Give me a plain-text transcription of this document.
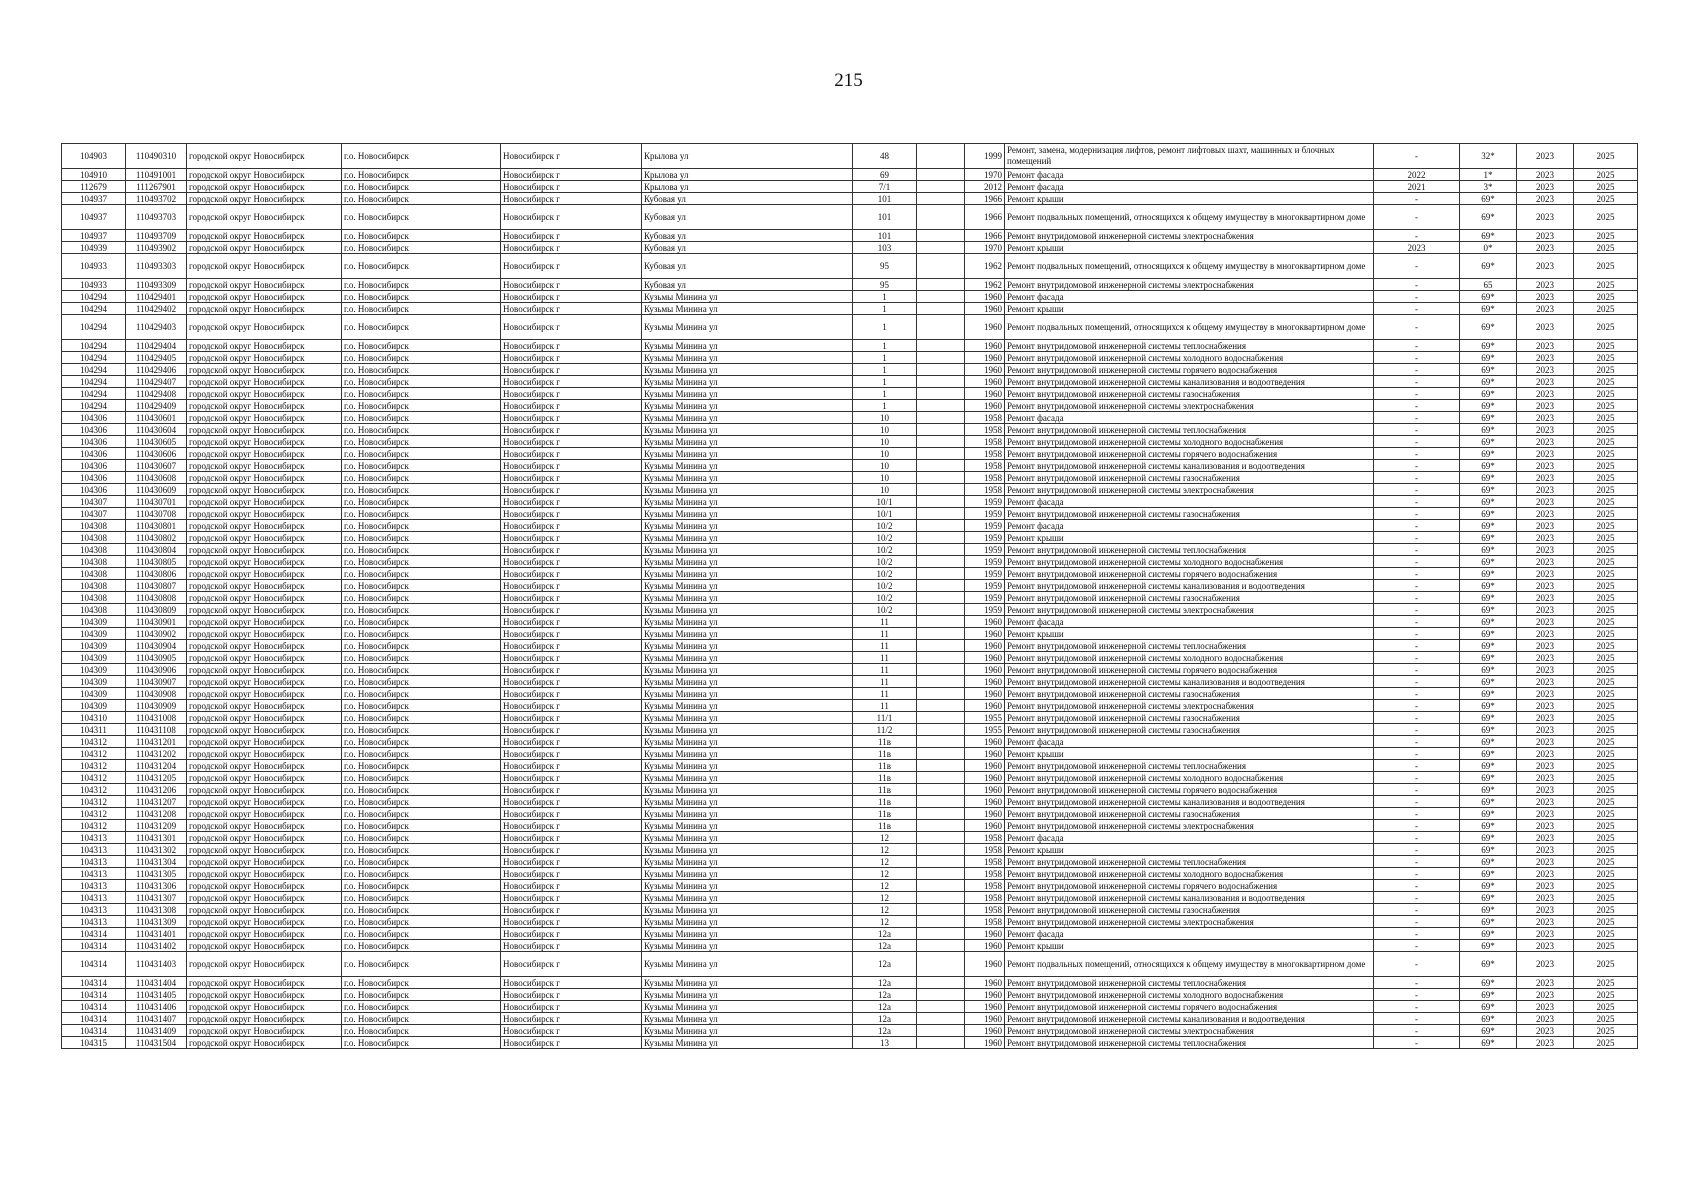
215
104903	110490310	городской округ Новосибирск	г.о. Новосибирск	Новосибирск г	Крылова ул	48		1999	Ремонт, замена, модернизация лифтов, ремонт лифтовых шахт, машинных и блочных помещений	-	32*	2023	2025
104910	110491001	городской округ Новосибирск	г.о. Новосибирск	Новосибирск г	Крылова ул	69		1970	Ремонт фасада	2022	1*	2023	2025
112679	111267901	городской округ Новосибирск	г.о. Новосибирск	Новосибирск г	Крылова ул	7/1		2012	Ремонт фасада	2021	3*	2023	2025
104937	110493702	городской округ Новосибирск	г.о. Новосибирск	Новосибирск г	Кубовая ул	101		1966	Ремонт крыши	-	69*	2023	2025
104937	110493703	городской округ Новосибирск	г.о. Новосибирск	Новосибирск г	Кубовая ул	101		1966	Ремонт подвальных помещений, относящихся к общему имуществу в многоквартирном доме	-	69*	2023	2025
104937	110493709	городской округ Новосибирск	г.о. Новосибирск	Новосибирск г	Кубовая ул	101		1966	Ремонт внутридомовой инженерной системы электроснабжения	-	69*	2023	2025
104939	110493902	городской округ Новосибирск	г.о. Новосибирск	Новосибирск г	Кубовая ул	103		1970	Ремонт крыши	2023	0*	2023	2025
104933	110493303	городской округ Новосибирск	г.о. Новосибирск	Новосибирск г	Кубовая ул	95		1962	Ремонт подвальных помещений, относящихся к общему имуществу в многоквартирном доме	-	69*	2023	2025
104933	110493309	городской округ Новосибирск	г.о. Новосибирск	Новосибирск г	Кубовая ул	95		1962	Ремонт внутридомовой инженерной системы электроснабжения	-	65	2023	2025
104294	110429401	городской округ Новосибирск	г.о. Новосибирск	Новосибирск г	Кузьмы Минина ул	1		1960	Ремонт фасада	-	69*	2023	2025
104294	110429402	городской округ Новосибирск	г.о. Новосибирск	Новосибирск г	Кузьмы Минина ул	1		1960	Ремонт крыши	-	69*	2023	2025
104294	110429403	городской округ Новосибирск	г.о. Новосибирск	Новосибирск г	Кузьмы Минина ул	1		1960	Ремонт подвальных помещений, относящихся к общему имуществу в многоквартирном доме	-	69*	2023	2025
104294	110429404	городской округ Новосибирск	г.о. Новосибирск	Новосибирск г	Кузьмы Минина ул	1		1960	Ремонт внутридомовой инженерной системы теплоснабжения	-	69*	2023	2025
104294	110429405	городской округ Новосибирск	г.о. Новосибирск	Новосибирск г	Кузьмы Минина ул	1		1960	Ремонт внутридомовой инженерной системы холодного водоснабжения	-	69*	2023	2025
104294	110429406	городской округ Новосибирск	г.о. Новосибирск	Новосибирск г	Кузьмы Минина ул	1		1960	Ремонт внутридомовой инженерной системы горячего водоснабжения	-	69*	2023	2025
104294	110429407	городской округ Новосибирск	г.о. Новосибирск	Новосибирск г	Кузьмы Минина ул	1		1960	Ремонт внутридомовой инженерной системы канализования и водоотведения	-	69*	2023	2025
104294	110429408	городской округ Новосибирск	г.о. Новосибирск	Новосибирск г	Кузьмы Минина ул	1		1960	Ремонт внутридомовой инженерной системы газоснабжения	-	69*	2023	2025
104294	110429409	городской округ Новосибирск	г.о. Новосибирск	Новосибирск г	Кузьмы Минина ул	1		1960	Ремонт внутридомовой инженерной системы электроснабжения	-	69*	2023	2025
104306	110430601	городской округ Новосибирск	г.о. Новосибирск	Новосибирск г	Кузьмы Минина ул	10		1958	Ремонт фасада	-	69*	2023	2025
104306	110430604	городской округ Новосибирск	г.о. Новосибирск	Новосибирск г	Кузьмы Минина ул	10		1958	Ремонт внутридомовой инженерной системы теплоснабжения	-	69*	2023	2025
104306	110430605	городской округ Новосибирск	г.о. Новосибирск	Новосибирск г	Кузьмы Минина ул	10		1958	Ремонт внутридомовой инженерной системы холодного водоснабжения	-	69*	2023	2025
104306	110430606	городской округ Новосибирск	г.о. Новосибирск	Новосибирск г	Кузьмы Минина ул	10		1958	Ремонт внутридомовой инженерной системы горячего водоснабжения	-	69*	2023	2025
104306	110430607	городской округ Новосибирск	г.о. Новосибирск	Новосибирск г	Кузьмы Минина ул	10		1958	Ремонт внутридомовой инженерной системы канализования и водоотведения	-	69*	2023	2025
104306	110430608	городской округ Новосибирск	г.о. Новосибирск	Новосибирск г	Кузьмы Минина ул	10		1958	Ремонт внутридомовой инженерной системы газоснабжения	-	69*	2023	2025
104306	110430609	городской округ Новосибирск	г.о. Новосибирск	Новосибирск г	Кузьмы Минина ул	10		1958	Ремонт внутридомовой инженерной системы электроснабжения	-	69*	2023	2025
104307	110430701	городской округ Новосибирск	г.о. Новосибирск	Новосибирск г	Кузьмы Минина ул	10/1		1959	Ремонт фасада	-	69*	2023	2025
104307	110430708	городской округ Новосибирск	г.о. Новосибирск	Новосибирск г	Кузьмы Минина ул	10/1		1959	Ремонт внутридомовой инженерной системы газоснабжения	-	69*	2023	2025
104308	110430801	городской округ Новосибирск	г.о. Новосибирск	Новосибирск г	Кузьмы Минина ул	10/2		1959	Ремонт фасада	-	69*	2023	2025
104308	110430802	городской округ Новосибирск	г.о. Новосибирск	Новосибирск г	Кузьмы Минина ул	10/2		1959	Ремонт крыши	-	69*	2023	2025
104308	110430804	городской округ Новосибирск	г.о. Новосибирск	Новосибирск г	Кузьмы Минина ул	10/2		1959	Ремонт внутридомовой инженерной системы теплоснабжения	-	69*	2023	2025
104308	110430805	городской округ Новосибирск	г.о. Новосибирск	Новосибирск г	Кузьмы Минина ул	10/2		1959	Ремонт внутридомовой инженерной системы холодного водоснабжения	-	69*	2023	2025
104308	110430806	городской округ Новосибирск	г.о. Новосибирск	Новосибирск г	Кузьмы Минина ул	10/2		1959	Ремонт внутридомовой инженерной системы горячего водоснабжения	-	69*	2023	2025
104308	110430807	городской округ Новосибирск	г.о. Новосибирск	Новосибирск г	Кузьмы Минина ул	10/2		1959	Ремонт внутридомовой инженерной системы канализования и водоотведения	-	69*	2023	2025
104308	110430808	городской округ Новосибирск	г.о. Новосибирск	Новосибирск г	Кузьмы Минина ул	10/2		1959	Ремонт внутридомовой инженерной системы газоснабжения	-	69*	2023	2025
104308	110430809	городской округ Новосибирск	г.о. Новосибирск	Новосибирск г	Кузьмы Минина ул	10/2		1959	Ремонт внутридомовой инженерной системы электроснабжения	-	69*	2023	2025
104309	110430901	городской округ Новосибирск	г.о. Новосибирск	Новосибирск г	Кузьмы Минина ул	11		1960	Ремонт фасада	-	69*	2023	2025
104309	110430902	городской округ Новосибирск	г.о. Новосибирск	Новосибирск г	Кузьмы Минина ул	11		1960	Ремонт крыши	-	69*	2023	2025
104309	110430904	городской округ Новосибирск	г.о. Новосибирск	Новосибирск г	Кузьмы Минина ул	11		1960	Ремонт внутридомовой инженерной системы теплоснабжения	-	69*	2023	2025
104309	110430905	городской округ Новосибирск	г.о. Новосибирск	Новосибирск г	Кузьмы Минина ул	11		1960	Ремонт внутридомовой инженерной системы холодного водоснабжения	-	69*	2023	2025
104309	110430906	городской округ Новосибирск	г.о. Новосибирск	Новосибирск г	Кузьмы Минина ул	11		1960	Ремонт внутридомовой инженерной системы горячего водоснабжения	-	69*	2023	2025
104309	110430907	городской округ Новосибирск	г.о. Новосибирск	Новосибирск г	Кузьмы Минина ул	11		1960	Ремонт внутридомовой инженерной системы канализования и водоотведения	-	69*	2023	2025
104309	110430908	городской округ Новосибирск	г.о. Новосибирск	Новосибирск г	Кузьмы Минина ул	11		1960	Ремонт внутридомовой инженерной системы газоснабжения	-	69*	2023	2025
104309	110430909	городской округ Новосибирск	г.о. Новосибирск	Новосибирск г	Кузьмы Минина ул	11		1960	Ремонт внутридомовой инженерной системы электроснабжения	-	69*	2023	2025
104310	110431008	городской округ Новосибирск	г.о. Новосибирск	Новосибирск г	Кузьмы Минина ул	11/1		1955	Ремонт внутридомовой инженерной системы газоснабжения	-	69*	2023	2025
104311	110431108	городской округ Новосибирск	г.о. Новосибирск	Новосибирск г	Кузьмы Минина ул	11/2		1955	Ремонт внутридомовой инженерной системы газоснабжения	-	69*	2023	2025
104312	110431201	городской округ Новосибирск	г.о. Новосибирск	Новосибирск г	Кузьмы Минина ул	11в		1960	Ремонт фасада	-	69*	2023	2025
104312	110431202	городской округ Новосибирск	г.о. Новосибирск	Новосибирск г	Кузьмы Минина ул	11в		1960	Ремонт крыши	-	69*	2023	2025
104312	110431204	городской округ Новосибирск	г.о. Новосибирск	Новосибирск г	Кузьмы Минина ул	11в		1960	Ремонт внутридомовой инженерной системы теплоснабжения	-	69*	2023	2025
104312	110431205	городской округ Новосибирск	г.о. Новосибирск	Новосибирск г	Кузьмы Минина ул	11в		1960	Ремонт внутридомовой инженерной системы холодного водоснабжения	-	69*	2023	2025
104312	110431206	городской округ Новосибирск	г.о. Новосибирск	Новосибирск г	Кузьмы Минина ул	11в		1960	Ремонт внутридомовой инженерной системы горячего водоснабжения	-	69*	2023	2025
104312	110431207	городской округ Новосибирск	г.о. Новосибирск	Новосибирск г	Кузьмы Минина ул	11в		1960	Ремонт внутридомовой инженерной системы канализования и водоотведения	-	69*	2023	2025
104312	110431208	городской округ Новосибирск	г.о. Новосибирск	Новосибирск г	Кузьмы Минина ул	11в		1960	Ремонт внутридомовой инженерной системы газоснабжения	-	69*	2023	2025
104312	110431209	городской округ Новосибирск	г.о. Новосибирск	Новосибирск г	Кузьмы Минина ул	11в		1960	Ремонт внутридомовой инженерной системы электроснабжения	-	69*	2023	2025
104313	110431301	городской округ Новосибирск	г.о. Новосибирск	Новосибирск г	Кузьмы Минина ул	12		1958	Ремонт фасада	-	69*	2023	2025
104313	110431302	городской округ Новосибирск	г.о. Новосибирск	Новосибирск г	Кузьмы Минина ул	12		1958	Ремонт крыши	-	69*	2023	2025
104313	110431304	городской округ Новосибирск	г.о. Новосибирск	Новосибирск г	Кузьмы Минина ул	12		1958	Ремонт внутридомовой инженерной системы теплоснабжения	-	69*	2023	2025
104313	110431305	городской округ Новосибирск	г.о. Новосибирск	Новосибирск г	Кузьмы Минина ул	12		1958	Ремонт внутридомовой инженерной системы холодного водоснабжения	-	69*	2023	2025
104313	110431306	городской округ Новосибирск	г.о. Новосибирск	Новосибирск г	Кузьмы Минина ул	12		1958	Ремонт внутридомовой инженерной системы горячего водоснабжения	-	69*	2023	2025
104313	110431307	городской округ Новосибирск	г.о. Новосибирск	Новосибирск г	Кузьмы Минина ул	12		1958	Ремонт внутридомовой инженерной системы канализования и водоотведения	-	69*	2023	2025
104313	110431308	городской округ Новосибирск	г.о. Новосибирск	Новосибирск г	Кузьмы Минина ул	12		1958	Ремонт внутридомовой инженерной системы газоснабжения	-	69*	2023	2025
104313	110431309	городской округ Новосибирск	г.о. Новосибирск	Новосибирск г	Кузьмы Минина ул	12		1958	Ремонт внутридомовой инженерной системы электроснабжения	-	69*	2023	2025
104314	110431401	городской округ Новосибирск	г.о. Новосибирск	Новосибирск г	Кузьмы Минина ул	12а		1960	Ремонт фасада	-	69*	2023	2025
104314	110431402	городской округ Новосибирск	г.о. Новосибирск	Новосибирск г	Кузьмы Минина ул	12а		1960	Ремонт крыши	-	69*	2023	2025
104314	110431403	городской округ Новосибирск	г.о. Новосибирск	Новосибирск г	Кузьмы Минина ул	12а		1960	Ремонт подвальных помещений, относящихся к общему имуществу в многоквартирном доме	-	69*	2023	2025
104314	110431404	городской округ Новосибирск	г.о. Новосибирск	Новосибирск г	Кузьмы Минина ул	12а		1960	Ремонт внутридомовой инженерной системы теплоснабжения	-	69*	2023	2025
104314	110431405	городской округ Новосибирск	г.о. Новосибирск	Новосибирск г	Кузьмы Минина ул	12а		1960	Ремонт внутридомовой инженерной системы холодного водоснабжения	-	69*	2023	2025
104314	110431406	городской округ Новосибирск	г.о. Новосибирск	Новосибирск г	Кузьмы Минина ул	12а		1960	Ремонт внутридомовой инженерной системы горячего водоснабжения	-	69*	2023	2025
104314	110431407	городской округ Новосибирск	г.о. Новосибирск	Новосибирск г	Кузьмы Минина ул	12а		1960	Ремонт внутридомовой инженерной системы канализования и водоотведения	-	69*	2023	2025
104314	110431409	городской округ Новосибирск	г.о. Новосибирск	Новосибирск г	Кузьмы Минина ул	12а		1960	Ремонт внутридомовой инженерной системы электроснабжения	-	69*	2023	2025
104315	110431504	городской округ Новосибирск	г.о. Новосибирск	Новосибирск г	Кузьмы Минина ул	13		1960	Ремонт внутридомовой инженерной системы теплоснабжения	-	69*	2023	2025
